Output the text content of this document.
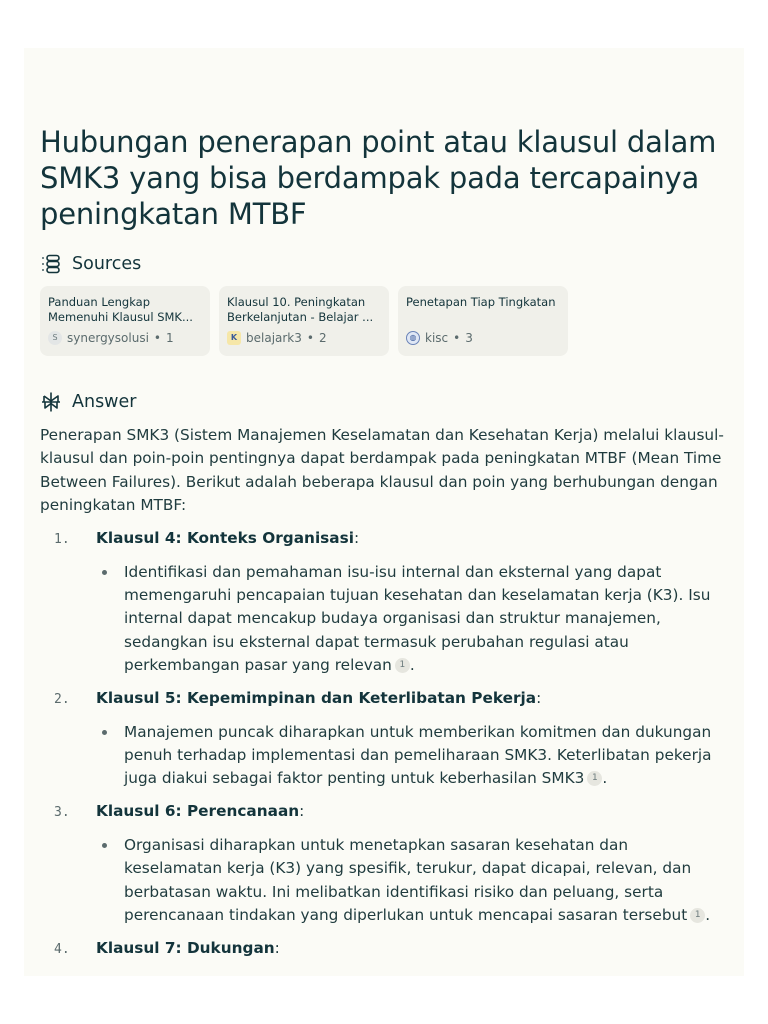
Hubungan penerapan point atau klausul dalam SMK3 yang bisa berdampak pada tercapainya peningkatan MTBF
Sources
Panduan Lengkap Memenuhi Klausul SMK...
S synergysolusi • 1
Klausul 10. Peningkatan Berkelanjutan - Belajar ...
K belajark3 • 2
Penetapan Tiap Tingkatan
◍ kisc • 3
Answer

Penerapan SMK3 (Sistem Manajemen Keselamatan dan Kesehatan Kerja) melalui klausul-klausul dan poin-poin pentingnya dapat berdampak pada peningkatan MTBF (Mean Time Between Failures). Berikut adalah beberapa klausul dan poin yang berhubungan dengan peningkatan MTBF:

1.	Klausul 4: Konteks Organisasi:
Identifikasi dan pemahaman isu-isu internal dan eksternal yang dapat memengaruhi pencapaian tujuan kesehatan dan keselamatan kerja (K3). Isu internal dapat mencakup budaya organisasi dan struktur manajemen, sedangkan isu eksternal dapat termasuk perubahan regulasi atau perkembangan pasar yang relevan 1 .
2.	Klausul 5: Kepemimpinan dan Keterlibatan Pekerja:
Manajemen puncak diharapkan untuk memberikan komitmen dan dukungan penuh terhadap implementasi dan pemeliharaan SMK3. Keterlibatan pekerja juga diakui sebagai faktor penting untuk keberhasilan SMK3 1 .
3.	Klausul 6: Perencanaan:
Organisasi diharapkan untuk menetapkan sasaran kesehatan dan keselamatan kerja (K3) yang spesifik, terukur, dapat dicapai, relevan, dan berbatasan waktu. Ini melibatkan identifikasi risiko dan peluang, serta perencanaan tindakan yang diperlukan untuk mencapai sasaran tersebut 1 .
4.	Klausul 7: Dukungan:
